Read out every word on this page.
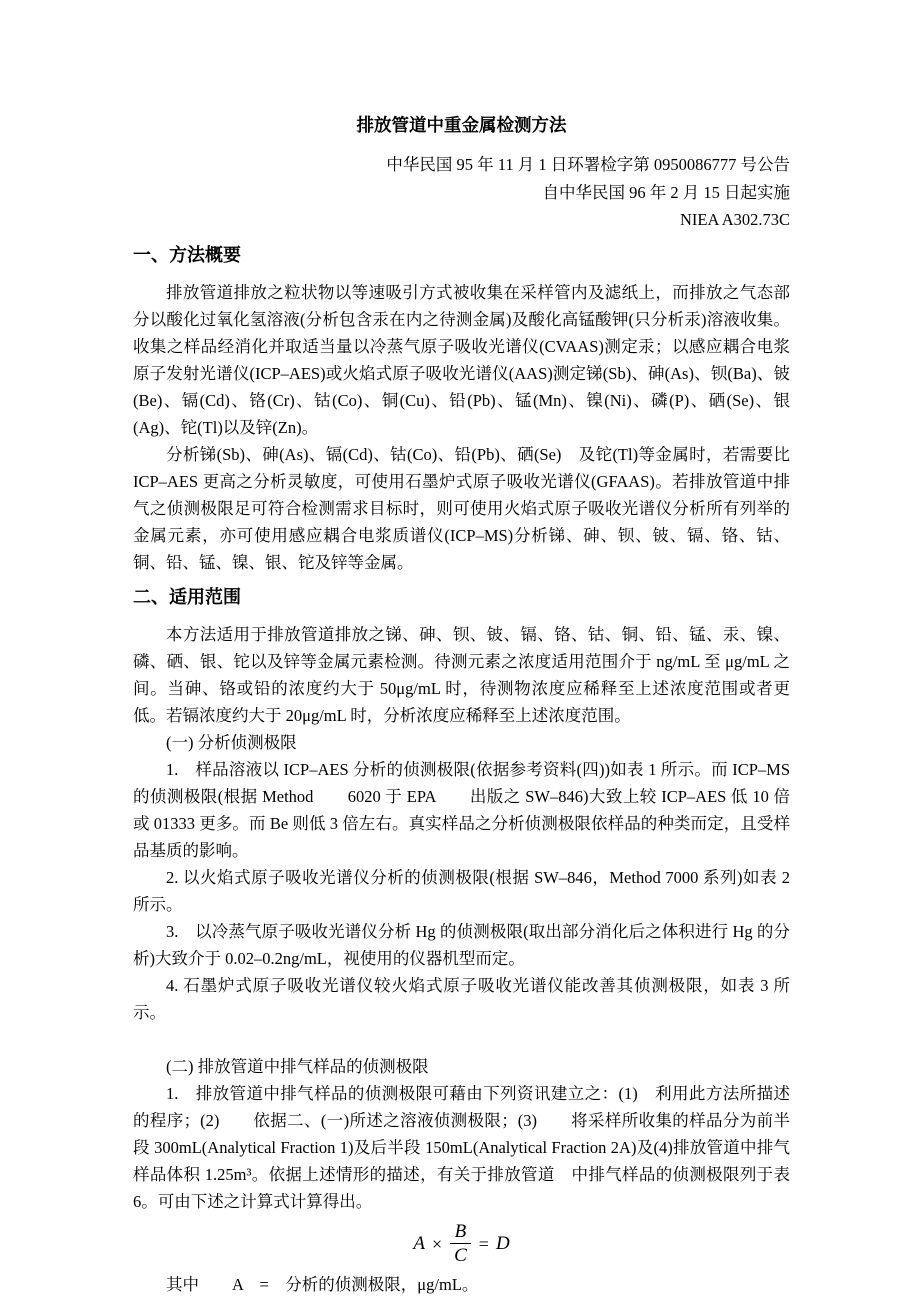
排放管道中重金属检测方法
中华民国 95 年 11 月 1 日环署检字第 0950086777 号公告
自中华民国 96 年 2 月 15 日起实施
NIEA A302.73C
一、方法概要

排放管道排放之粒状物以等速吸引方式被收集在采样管内及滤纸上，而排放之气态部分以酸化过氧化氢溶液(分析包含汞在内之待测金属)及酸化高锰酸钾(只分析汞)溶液收集。收集之样品经消化并取适当量以冷蒸气原子吸收光谱仪(CVAAS)测定汞；以感应耦合电浆原子发射光谱仪(ICP–AES)或火焰式原子吸收光谱仪(AAS)测定锑(Sb)、砷(As)、钡(Ba)、铍(Be)、镉(Cd)、铬(Cr)、钴(Co)、铜(Cu)、铅(Pb)、锰(Mn)、镍(Ni)、磷(P)、硒(Se)、银(Ag)、铊(Tl)以及锌(Zn)。

分析锑(Sb)、砷(As)、镉(Cd)、钴(Co)、铅(Pb)、硒(Se)　及铊(Tl)等金属时，若需要比 ICP–AES 更高之分析灵敏度，可使用石墨炉式原子吸收光谱仪(GFAAS)。若排放管道中排气之侦测极限足可符合检测需求目标时，则可使用火焰式原子吸收光谱仪分析所有列举的金属元素，亦可使用感应耦合电浆质谱仪(ICP–MS)分析锑、砷、钡、铍、镉、铬、钴、铜、铅、锰、镍、银、铊及锌等金属。

二、适用范围

本方法适用于排放管道排放之锑、砷、钡、铍、镉、铬、钴、铜、铅、锰、汞、镍、磷、硒、银、铊以及锌等金属元素检测。待测元素之浓度适用范围介于 ng/mL 至 μg/mL 之间。当砷、铬或铅的浓度约大于 50μg/mL 时，待测物浓度应稀释至上述浓度范围或者更低。若镉浓度约大于 20μg/mL 时，分析浓度应稀释至上述浓度范围。

(一) 分析侦测极限

1.　样品溶液以 ICP–AES 分析的侦测极限(依据参考资料(四))如表 1 所示。而 ICP–MS 的侦测极限(根据 Method　　6020 于 EPA　　出版之 SW–846)大致上较 ICP–AES 低 10 倍或 01333 更多。而 Be 则低 3 倍左右。真实样品之分析侦测极限依样品的种类而定，且受样品基质的影响。

2. 以火焰式原子吸收光谱仪分析的侦测极限(根据 SW–846，Method 7000 系列)如表 2 所示。

3.　以冷蒸气原子吸收光谱仪分析 Hg 的侦测极限(取出部分消化后之体积进行 Hg 的分析)大致介于 0.02–0.2ng/mL，视使用的仪器机型而定。

4. 石墨炉式原子吸收光谱仪较火焰式原子吸收光谱仪能改善其侦测极限，如表 3 所示。

(二) 排放管道中排气样品的侦测极限

1.　排放管道中排气样品的侦测极限可藉由下列资讯建立之：(1)　利用此方法所描述的程序；(2)　　依据二、(一)所述之溶液侦测极限；(3)　　将采样所收集的样品分为前半段 300mL(Analytical Fraction 1)及后半段 150mL(Analytical Fraction 2A)及(4)排放管道中排气样品体积 1.25m³。依据上述情形的描述，有关于排放管道　中排气样品的侦测极限列于表 6。可由下述之计算式计算得出。

$A \times \frac{B}{C} = D$

其中　　A　=　分析的侦测极限，μg/mL。
